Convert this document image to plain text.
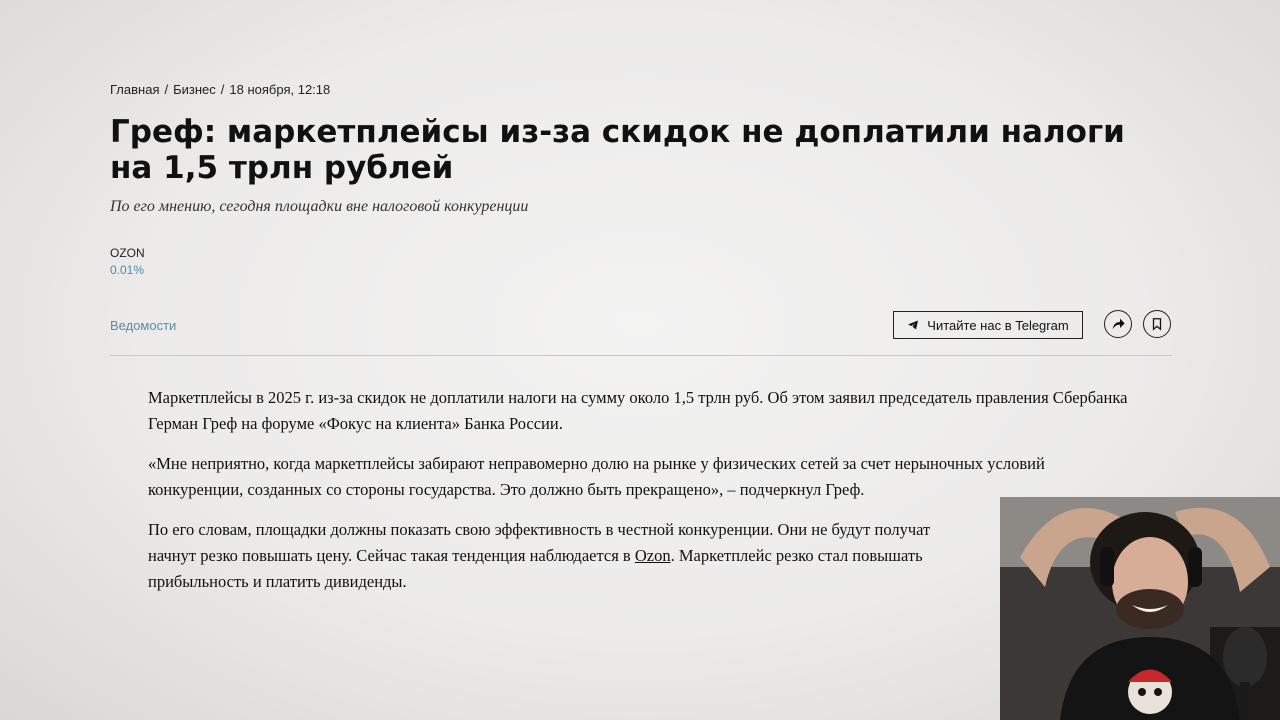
Главная / Бизнес / 18 ноября, 12:18
Греф: маркетплейсы из-за скидок не доплатили налоги на 1,5 трлн рублей
По его мнению, сегодня площадки вне налоговой конкуренции
OZON
0.01%
Ведомости	Читайте нас в Telegram

Маркетплейсы в 2025 г. из-за скидок не доплатили налоги на сумму около 1,5 трлн руб. Об этом заявил председатель правления Сбербанка Герман Греф на форуме «Фокус на клиента» Банка России.

«Мне неприятно, когда маркетплейсы забирают неправомерно долю на рынке у физических сетей за счет нерыночных условий конкуренции, созданных со стороны государства. Это должно быть прекращено», – подчеркнул Греф.

По его словам, площадки должны показать свою эффективность в честной конкуренции. Они не будут получат
начнут резко повышать цену. Сейчас такая тенденция наблюдается в Ozon. Маркетплейс резко стал повышать
прибыльность и платить дивиденды.
